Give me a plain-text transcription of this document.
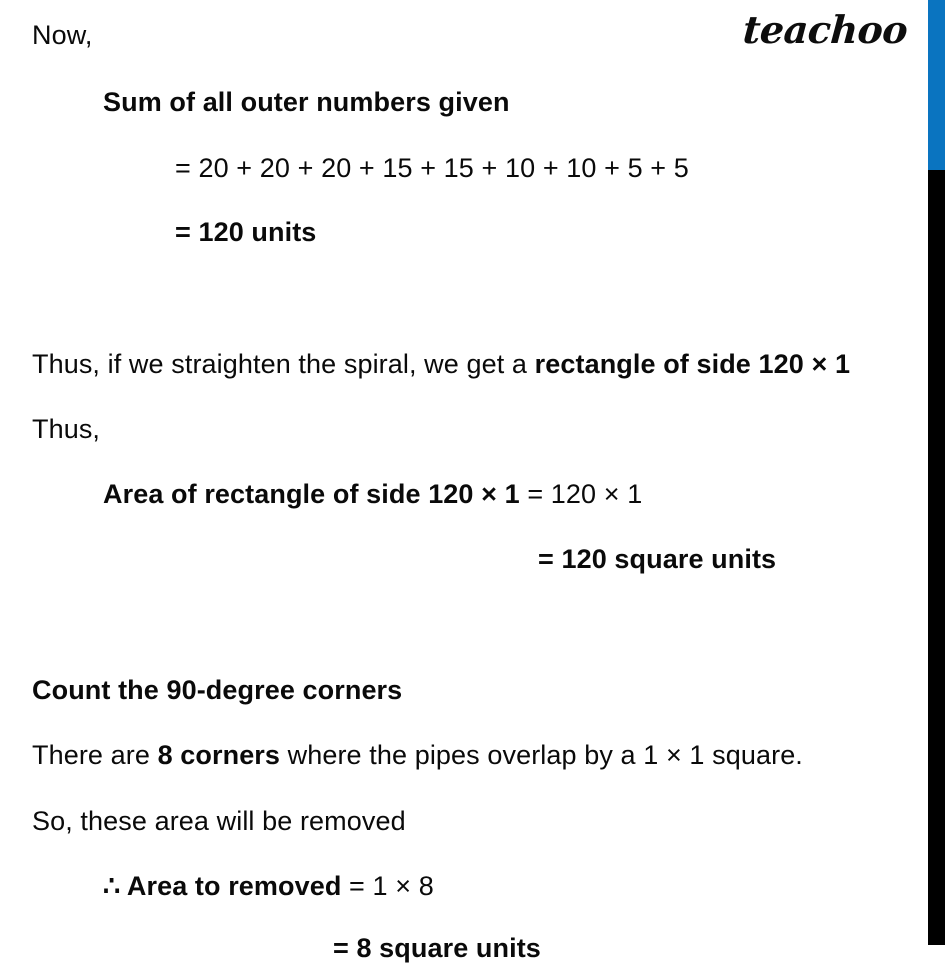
teachoo
Now,
Sum of all outer numbers given
= 20 + 20 + 20 + 15 + 15 + 10 + 10 + 5 + 5
= 120 units
Thus, if we straighten the spiral, we get a rectangle of side 120 × 1
Thus,
Area of rectangle of side 120 × 1 = 120 × 1
= 120 square units
Count the 90-degree corners
There are 8 corners where the pipes overlap by a 1 × 1 square.
So, these area will be removed
∴ Area to removed = 1 × 8
= 8 square units
